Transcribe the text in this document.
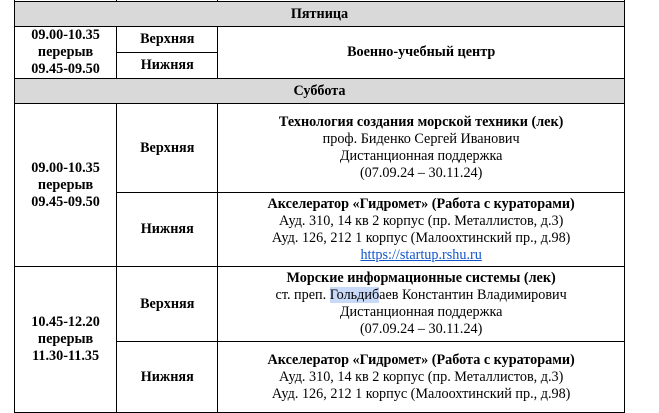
Пятница		

09.00-10.35
перерыв
09.45-09.50	Верхняя	Военно-учебный центр
	Нижняя	
Суббота		

09.00-10.35
перерыв
09.45-09.50	Верхняя	Технология создания морской техники (лек)
проф. Биденко Сергей Иванович
Дистанционная поддержка
(07.09.24 – 30.11.24)

	Нижняя	Акселератор «Гидромет» (Работа с кураторами)
Ауд. 310, 14 кв 2 корпус (пр. Металлистов, д.3)
Ауд. 126, 212 1 корпус (Малоохтинский пр., д.98)
https://startup.rshu.ru

10.45-12.20
перерыв
11.30-11.35	Верхняя	Морские информационные системы (лек)
ст. преп. Гольдибаев Константин Владимирович
Дистанционная поддержка
(07.09.24 – 30.11.24)

	Нижняя	Акселератор «Гидромет» (Работа с кураторами)
Ауд. 310, 14 кв 2 корпус (пр. Металлистов, д.3)
Ауд. 126, 212 1 корпус (Малоохтинский пр., д.98)
